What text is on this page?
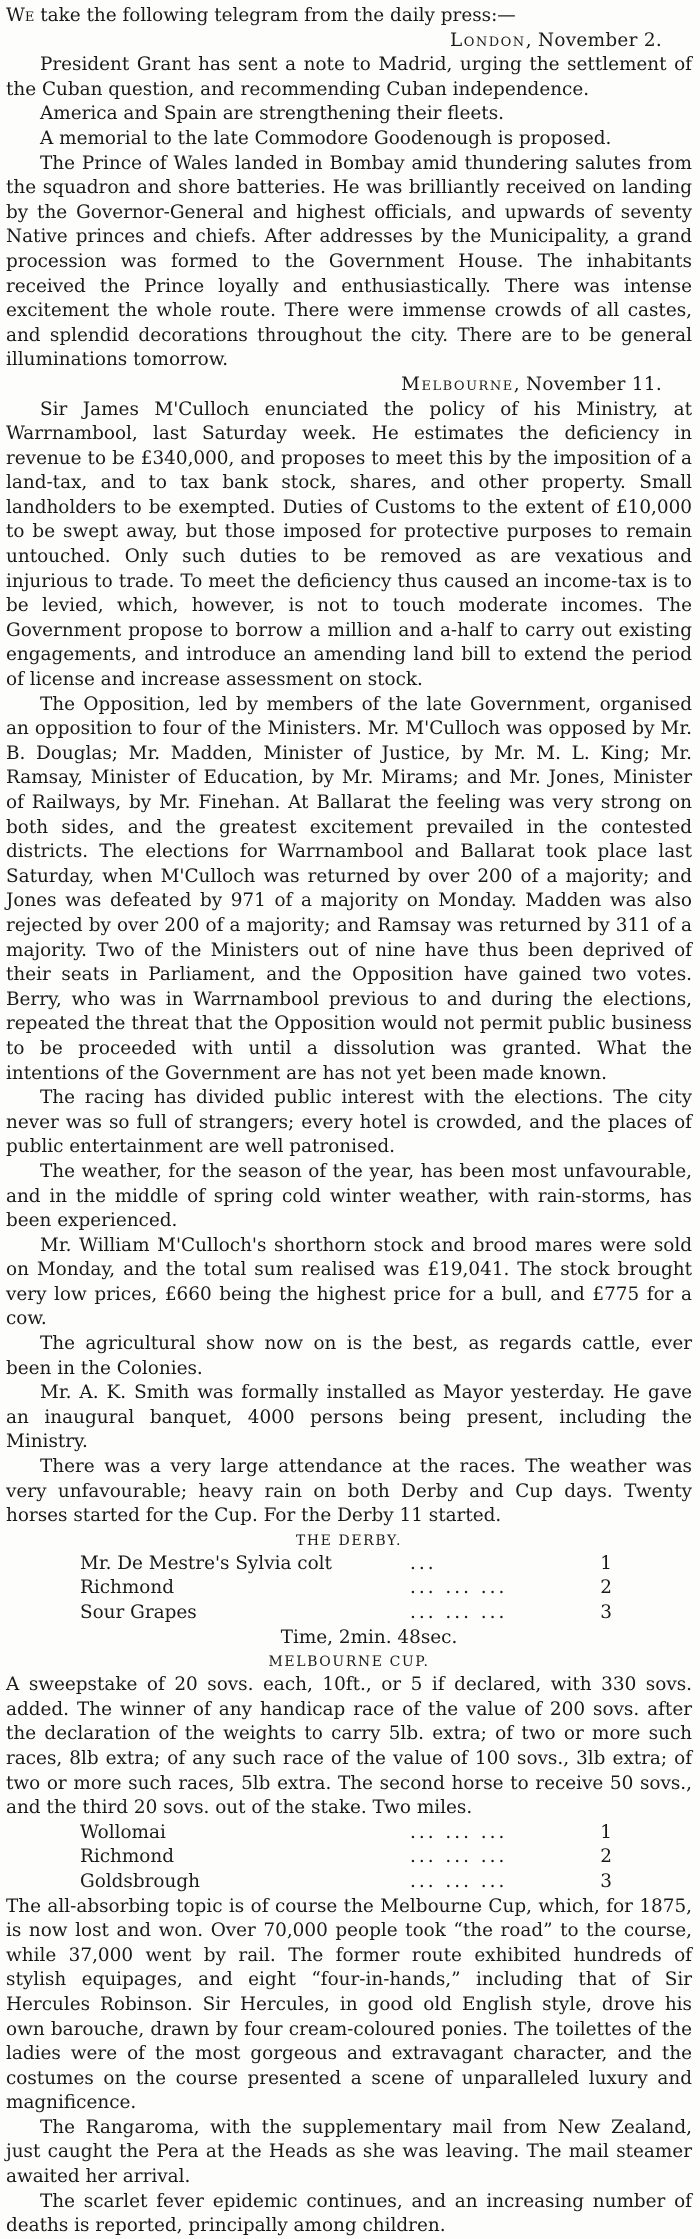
We take the following telegram from the daily press:—

London, November 2.

President Grant has sent a note to Madrid, urging the settlement of the Cuban question, and recommending Cuban independence.

America and Spain are strengthening their fleets.

A memorial to the late Commodore Goodenough is proposed.

The Prince of Wales landed in Bombay amid thundering salutes from the squadron and shore batteries. He was brilliantly received on landing by the Governor-General and highest officials, and upwards of seventy Native princes and chiefs. After addresses by the Municipality, a grand procession was formed to the Government House. The inhabitants received the Prince loyally and enthusiastically. There was intense excitement the whole route. There were immense crowds of all castes, and splendid decorations throughout the city. There are to be general illuminations tomorrow.

Melbourne, November 11.

Sir James M'Culloch enunciated the policy of his Ministry, at Warrnambool, last Saturday week. He estimates the deficiency in revenue to be £340,000, and proposes to meet this by the imposition of a land-tax, and to tax bank stock, shares, and other property. Small landholders to be exempted. Duties of Customs to the extent of £10,000 to be swept away, but those imposed for protective purposes to remain untouched. Only such duties to be removed as are vexatious and injurious to trade. To meet the deficiency thus caused an income-tax is to be levied, which, however, is not to touch moderate incomes. The Government propose to borrow a million and a-half to carry out existing engagements, and introduce an amending land bill to extend the period of license and increase assessment on stock.

The Opposition, led by members of the late Government, organised an opposition to four of the Ministers. Mr. M'Culloch was opposed by Mr. B. Douglas; Mr. Madden, Minister of Justice, by Mr. M. L. King; Mr. Ramsay, Minister of Education, by Mr. Mirams; and Mr. Jones, Minister of Railways, by Mr. Finehan. At Ballarat the feeling was very strong on both sides, and the greatest excitement prevailed in the contested districts. The elections for Warrnambool and Ballarat took place last Saturday, when M'Culloch was returned by over 200 of a majority; and Jones was defeated by 971 of a majority on Monday. Madden was also rejected by over 200 of a majority; and Ramsay was returned by 311 of a majority. Two of the Ministers out of nine have thus been deprived of their seats in Parliament, and the Opposition have gained two votes. Berry, who was in Warrnambool previous to and during the elections, repeated the threat that the Opposition would not permit public business to be proceeded with until a dissolution was granted. What the intentions of the Government are has not yet been made known.

The racing has divided public interest with the elections. The city never was so full of strangers; every hotel is crowded, and the places of public entertainment are well patronised.

The weather, for the season of the year, has been most unfavourable, and in the middle of spring cold winter weather, with rain-storms, has been experienced.

Mr. William M'Culloch's shorthorn stock and brood mares were sold on Monday, and the total sum realised was £19,041. The stock brought very low prices, £660 being the highest price for a bull, and £775 for a cow.

The agricultural show now on is the best, as regards cattle, ever been in the Colonies.

Mr. A. K. Smith was formally installed as Mayor yesterday. He gave an inaugural banquet, 4000 persons being present, including the Ministry.

There was a very large attendance at the races. The weather was very unfavourable; heavy rain on both Derby and Cup days. Twenty horses started for the Cup. For the Derby 11 started.

THE DERBY.
Mr. De Mestre's Sylvia colt	...	1
Richmond	... ... ...	2
Sour Grapes	... ... ...	3
Time, 2min. 48sec.
MELBOURNE CUP.

A sweepstake of 20 sovs. each, 10ft., or 5 if declared, with 330 sovs. added. The winner of any handicap race of the value of 200 sovs. after the declaration of the weights to carry 5lb. extra; of two or more such races, 8lb extra; of any such race of the value of 100 sovs., 3lb extra; of two or more such races, 5lb extra. The second horse to receive 50 sovs., and the third 20 sovs. out of the stake. Two miles.

Wollomai	... ... ...	1
Richmond	... ... ...	2
Goldsbrough	... ... ...	3

The all-absorbing topic is of course the Melbourne Cup, which, for 1875, is now lost and won. Over 70,000 people took “the road” to the course, while 37,000 went by rail. The former route exhibited hundreds of stylish equipages, and eight “four-in-hands,” including that of Sir Hercules Robinson. Sir Hercules, in good old English style, drove his own barouche, drawn by four cream-coloured ponies. The toilettes of the ladies were of the most gorgeous and extravagant character, and the costumes on the course presented a scene of unparalleled luxury and magnificence.

The Rangaroma, with the supplementary mail from New Zealand, just caught the Pera at the Heads as she was leaving. The mail steamer awaited her arrival.

The scarlet fever epidemic continues, and an increasing number of deaths is reported, principally among children.
